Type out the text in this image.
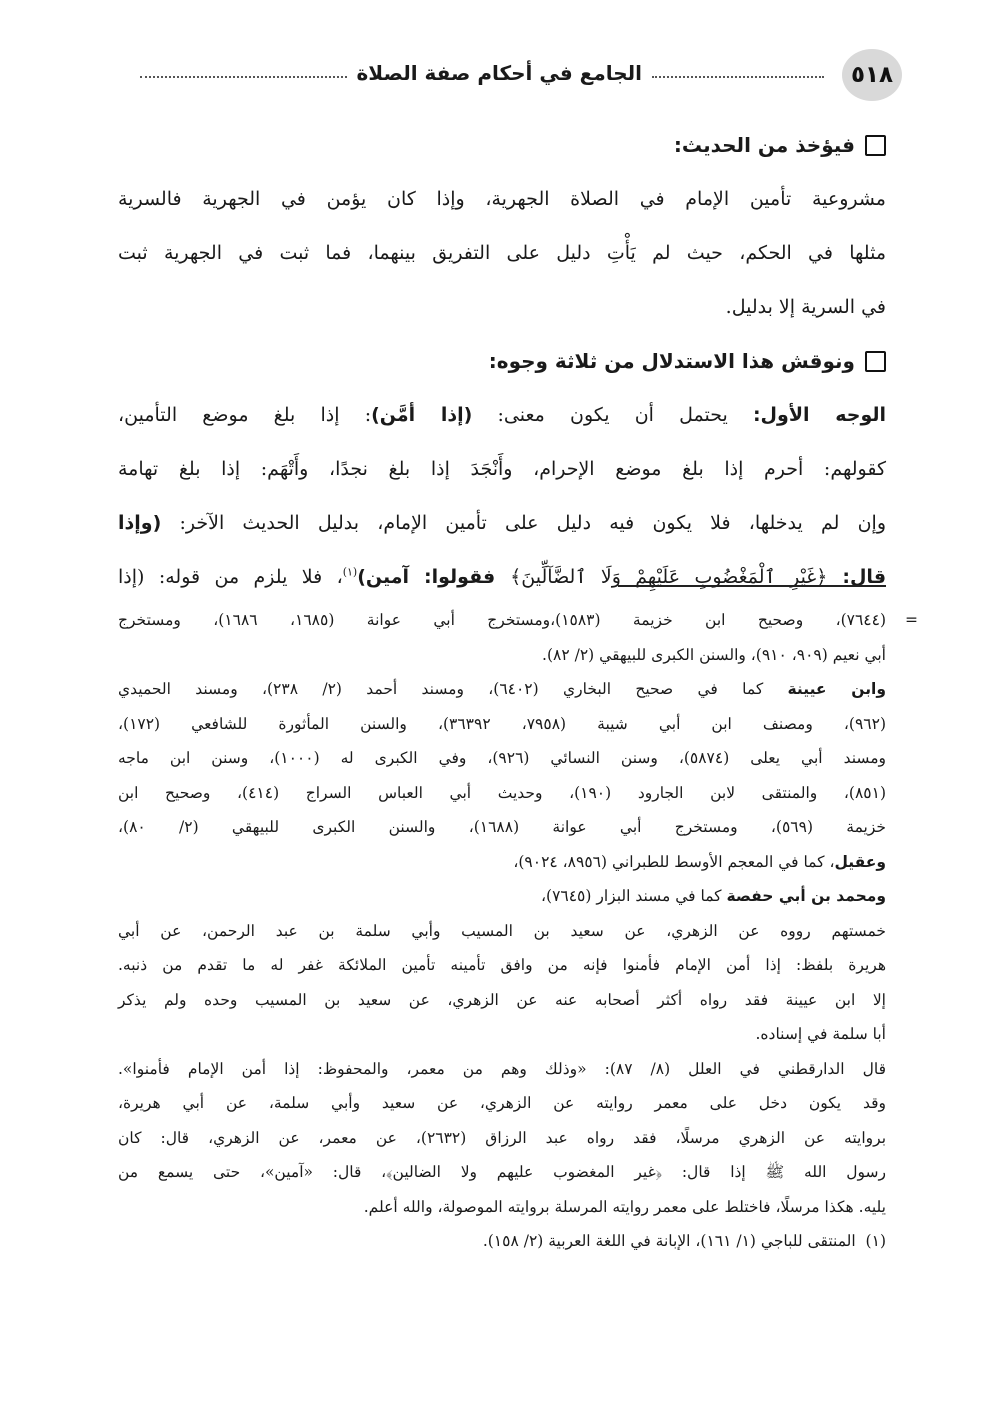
٥١٨
الجامع في أحكام صفة الصلاة
فيؤخذ من الحديث:
مشروعية تأمين الإمام في الصلاة الجهرية، وإذا كان يؤمن في الجهرية فالسرية
مثلها في الحكم، حيث لم يَأْتِ دليل على التفريق بينهما، فما ثبت في الجهرية ثبت
في السرية إلا بدليل.
ونوقش هذا الاستدلال من ثلاثة وجوه:
الوجه الأول: يحتمل أن يكون معنى: (إذا أمَّن): إذا بلغ موضع التأمين،
كقولهم: أحرم إذا بلغ موضع الإحرام، وأَنْجَدَ إذا بلغ نجدًا، وأَتْهَم: إذا بلغ تهامة
وإن لم يدخلها، فلا يكون فيه دليل على تأمين الإمام، بدليل الحديث الآخر: (وإذا
قال: ﴿غَيْرِ ٱلْمَغْضُوبِ عَلَيْهِمْ وَلَا ٱلضَّآلِّينَ﴾ فقولوا: آمين)$^{(١)}$، فلا يلزم من قوله: (إذا
=
(٧٦٤٤)، وصحيح ابن خزيمة (١٥٨٣)،ومستخرج أبي عوانة (١٦٨٥، ١٦٨٦)، ومستخرج
أبي نعيم (٩٠٩، ٩١٠)، والسنن الكبرى للبيهقي (٢/ ٨٢).
وابن عيينة كما في صحيح البخاري (٦٤٠٢)، ومسند أحمد (٢/ ٢٣٨)، ومسند الحميدي
(٩٦٢)، ومصنف ابن أبي شيبة (٧٩٥٨، ٣٦٣٩٢)، والسنن المأثورة للشافعي (١٧٢)،
ومسند أبي يعلى (٥٨٧٤)، وسنن النسائي (٩٢٦)، وفي الكبرى له (١٠٠٠)، وسنن ابن ماجه
(٨٥١)، والمنتقى لابن الجارود (١٩٠)، وحديث أبي العباس السراج (٤١٤)، وصحيح ابن
خزيمة (٥٦٩)، ومستخرج أبي عوانة (١٦٨٨)، والسنن الكبرى للبيهقي (٢/ ٨٠)،
وعقيل، كما في المعجم الأوسط للطبراني (٨٩٥٦، ٩٠٢٤)،
ومحمد بن أبي حفصة كما في مسند البزار (٧٦٤٥)،
خمستهم رووه عن الزهري، عن سعيد بن المسيب وأبي سلمة بن عبد الرحمن، عن أبي
هريرة بلفظ: إذا أمن الإمام فأمنوا فإنه من وافق تأمينه تأمين الملائكة غفر له ما تقدم من ذنبه.
إلا ابن عيينة فقد رواه أكثر أصحابه عنه عن الزهري، عن سعيد بن المسيب وحده ولم يذكر
أبا سلمة في إسناده.
قال الدارقطني في العلل (٨/ ٨٧): «وذلك وهم من معمر، والمحفوظ: إذا أمن الإمام فأمنوا».
وقد يكون دخل على معمر روايته عن الزهري، عن سعيد وأبي سلمة، عن أبي هريرة،
بروايته عن الزهري مرسلًا، فقد رواه عبد الرزاق (٢٦٣٢)، عن معمر، عن الزهري، قال: كان
رسول الله ﷺ إذا قال: ﴿غير المغضوب عليهم ولا الضالين﴾، قال: «آمين»، حتى يسمع من
يليه. هكذا مرسلًا، فاختلط على معمر روايته المرسلة بروايته الموصولة، والله أعلم.
(١)  المنتقى للباجي (١/ ١٦١)، الإبانة في اللغة العربية (٢/ ١٥٨).
